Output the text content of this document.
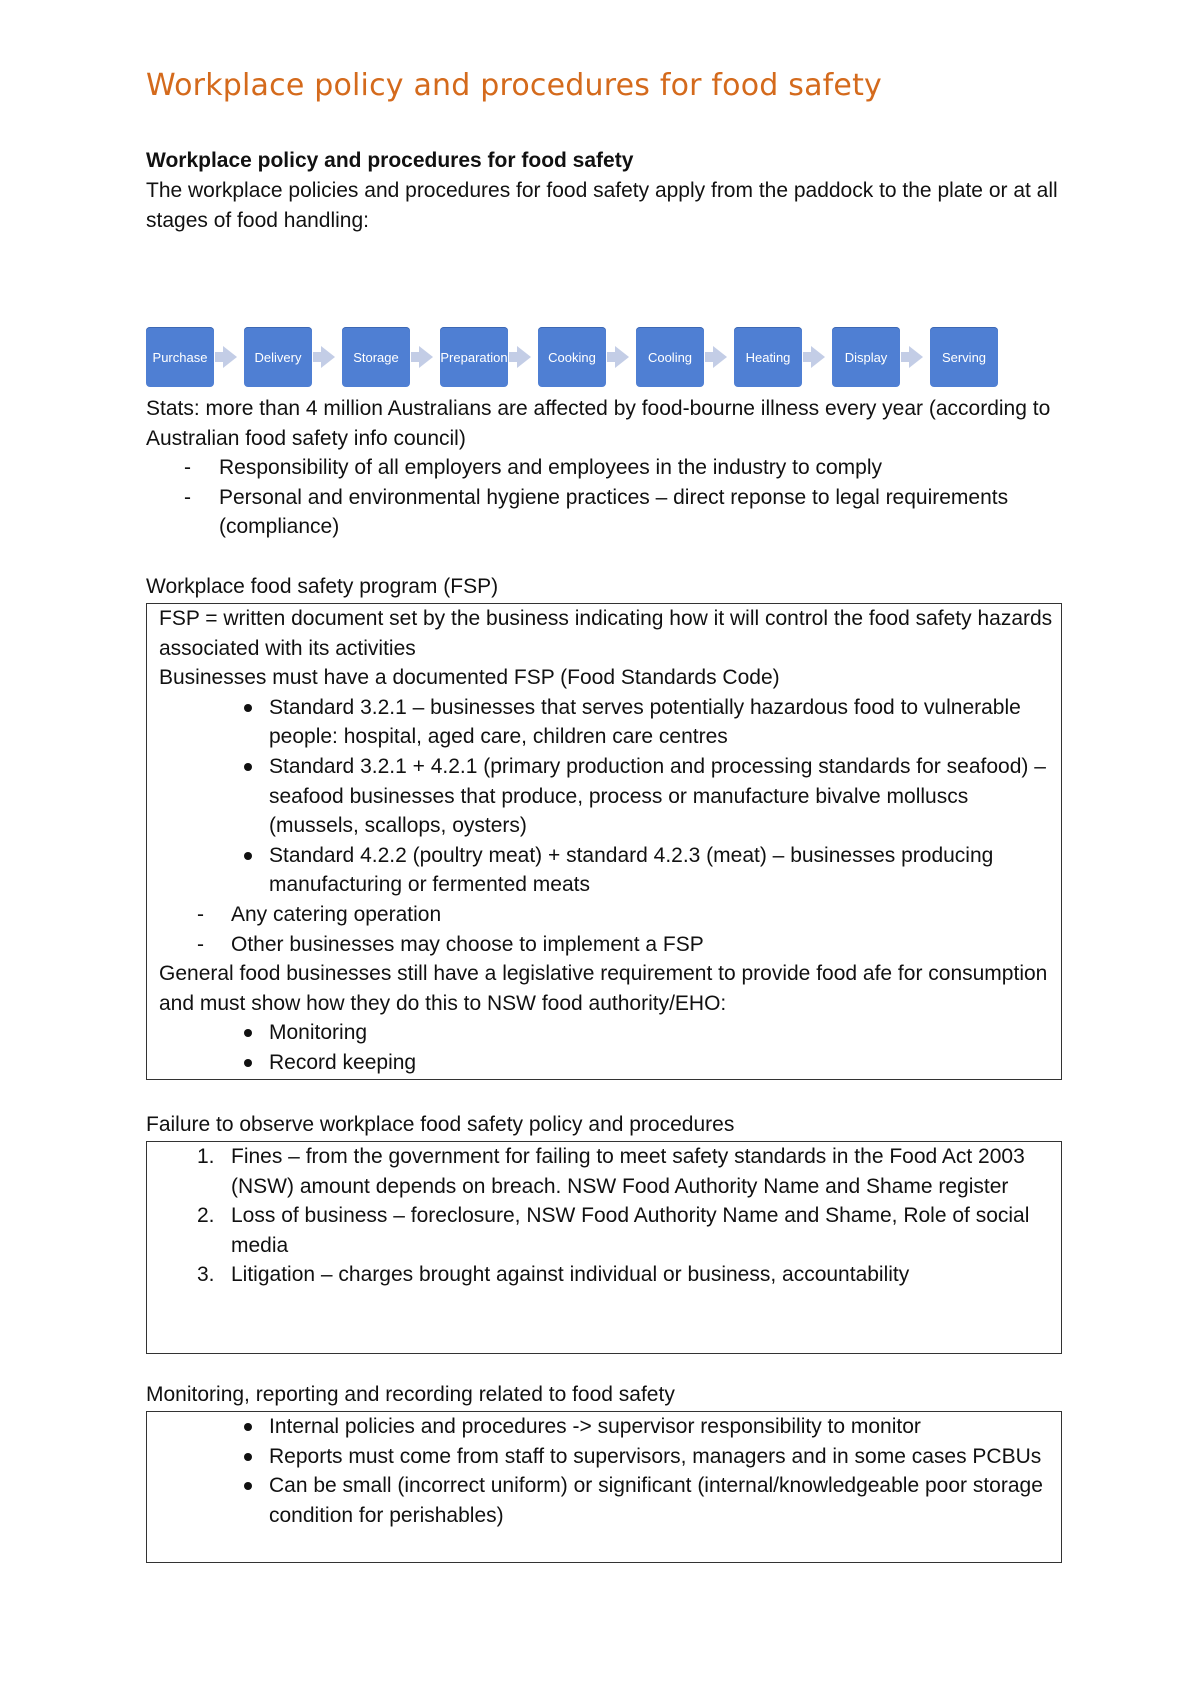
Workplace policy and procedures for food safety
Workplace policy and procedures for food safety
The workplace policies and procedures for food safety apply from the paddock to the plate or at all stages of food handling:
Purchase	Delivery	Storage	Preparation	Cooking	Cooling	Heating	Display	Serving
Stats: more than 4 million Australians are affected by food-bourne illness every year (according to Australian food safety info council)
- Responsibility of all employers and employees in the industry to comply
- Personal and environmental hygiene practices – direct reponse to legal requirements (compliance)
Workplace food safety program (FSP)

FSP = written document set by the business indicating how it will control the food safety hazards associated with its activities

Businesses must have a documented FSP (Food Standards Code)

Standard 3.2.1 – businesses that serves potentially hazardous food to vulnerable people: hospital, aged care, children care centres
Standard 3.2.1 + 4.2.1 (primary production and processing standards for seafood) – seafood businesses that produce, process or manufacture bivalve molluscs (mussels, scallops, oysters)
Standard 4.2.2 (poultry meat) + standard 4.2.3 (meat) – businesses producing manufacturing or fermented meats
- Any catering operation
- Other businesses may choose to implement a FSP

General food businesses still have a legislative requirement to provide food afe for consumption and must show how they do this to NSW food authority/EHO:

Monitoring
Record keeping
Failure to observe workplace food safety policy and procedures
1. Fines – from the government for failing to meet safety standards in the Food Act 2003 (NSW) amount depends on breach. NSW Food Authority Name and Shame register
2. Loss of business – foreclosure, NSW Food Authority Name and Shame, Role of social media
3. Litigation – charges brought against individual or business, accountability
Monitoring, reporting and recording related to food safety
Internal policies and procedures -> supervisor responsibility to monitor
Reports must come from staff to supervisors, managers and in some cases PCBUs
Can be small (incorrect uniform) or significant (internal/knowledgeable poor storage condition for perishables)
